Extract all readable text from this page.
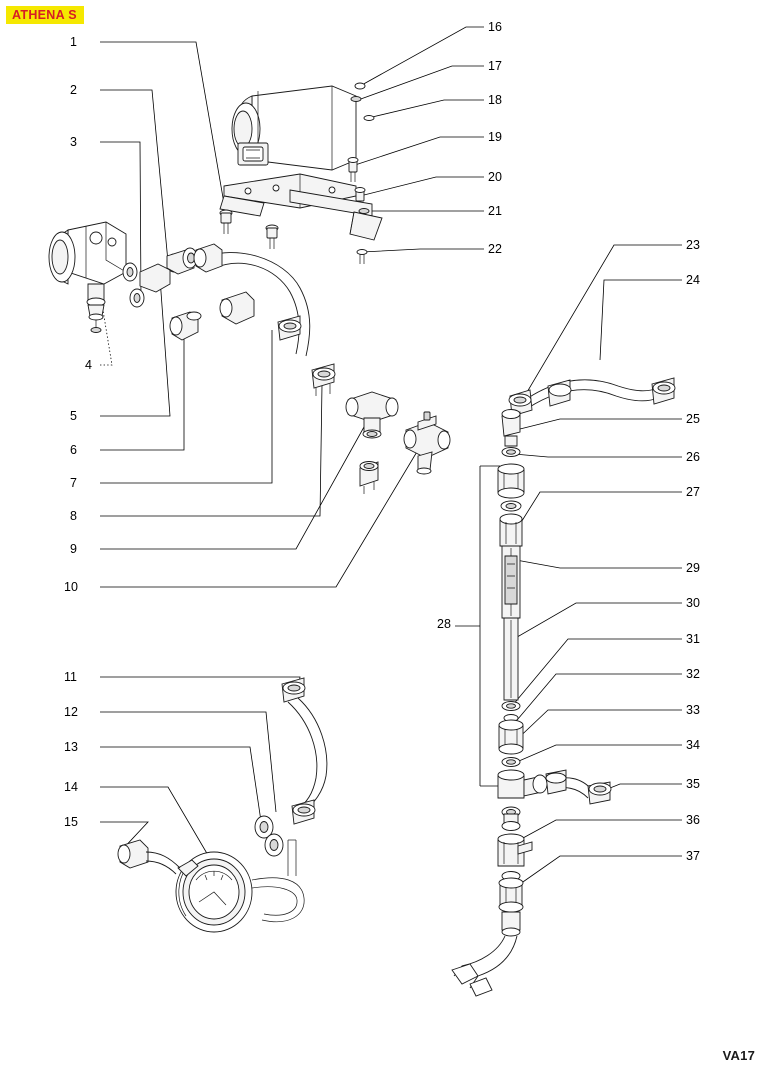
ATHENA S
1
2
3
4
5
6
7
8
9
10
11
12
13
14
15
16
17
18
19
20
21
22	23
24
25
26
27
29
30
31
32
33
34
35
36
37
28
VA17
